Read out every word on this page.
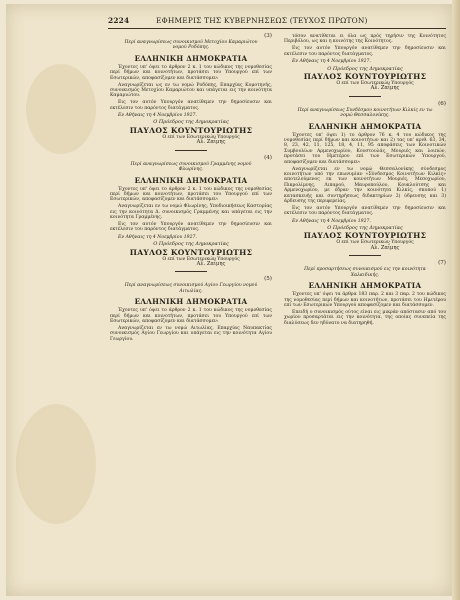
2224	ΕΦΗΜΕΡΙΣ ΤΗΣ ΚΥΒΕΡΝΗΣΕΩΣ (ΤΕΥΧΟΣ ΠΡΩΤΟΝ)
(3)
Περί αναγνωρίσεως συνοικισμού Μετοχίου Καμαριώτου νομού Ροδόπης.
ΕΛΛΗΝΙΚΗ ΔΗΜΟΚΡΑΤΙΑ

Έχοντες υπ' όψει το άρθρον 2 κ. 1 του κώδικος της νομοθεσίας περί δήμων και κοινοτήτων, προτάσει του Υπουργού επί των Εσωτερικών, αποφασίζομεν και διατάσσομεν:

Αναγνωρίζεται ως εν τω νομώ Ροδόπης, Επαρχίας Κομοτηνής, συνοικισμός Μετοχίου Καμαριώτου και υπάγεται εις την κοινότητα Καμαριώτου.

Εις τον αυτόν Υπουργόν ανατίθεμεν την δημοσίευσιν και εκτέλεσιν του παρόντος διατάγματος.

Εν Αθήναις τη 4 Νοεμβρίου 1927.
Ο Πρόεδρος της Δημοκρατίας
ΠΑΥΛΟΣ ΚΟΥΝΤΟΥΡΙΩΤΗΣ
Ο επί των Εσωτερικών Υπουργός
Αλ. Ζαΐμης
(4)
Περί αναγνωρίσεως συνοικισμού Γραμμένης νομού Φλωρίνης.
ΕΛΛΗΝΙΚΗ ΔΗΜΟΚΡΑΤΙΑ

Έχοντες υπ' όψει το άρθρον 2 κ. 1 του κώδικος της νομοθεσίας περί δήμων και κοινοτήτων, προτάσει του Υπουργού επί των Εσωτερικών, αποφασίζομεν και διατάσσομεν:

Αναγνωρίζεται εν τω νομώ Φλωρίνης, Υποδιοικήσεως Καστορίας εις την κοινότητα Δ. συνοικισμός Γραμμένης και υπάγεται εις την κοινότητα Γραμμένης.

Εις τον αυτόν Υπουργόν ανατίθεμεν την δημοσίευσιν και εκτέλεσιν του παρόντος διατάγματος.

Εν Αθήναις τη 4 Νοεμβρίου 1927.
Ο Πρόεδρος της Δημοκρατίας
ΠΑΥΛΟΣ ΚΟΥΝΤΟΥΡΙΩΤΗΣ
Ο επί των Εσωτερικών Υπουργός
Αλ. Ζαΐμης
(5)
Περί αναγνωρίσεως συνοικισμού Αγίου Γεωργίου νομού Αιτωλίας.
ΕΛΛΗΝΙΚΗ ΔΗΜΟΚΡΑΤΙΑ

Έχοντες υπ' όψει το άρθρον 2 κ. 1 του κώδικος της νομοθεσίας περί δήμων και κοινοτήτων, προτάσει του Υπουργού επί των Εσωτερικών, αποφασίζομεν και διατάσσομεν:

Αναγνωρίζεται εν τω νομώ Αιτωλίας, Επαρχίας Ναυπακτίας συνοικισμός Αγίου Γεωργίου και υπάγεται εις την κοινότητα Αγίου Γεωργίου.

τόσον ανατίθεται ει όλα ως πρός τηρήσιν της Κοινότητος Περιβόλου, ως και η κοινότης της Κοινότητος.

Εις τον αυτόν Υπουργόν ανατίθεμεν την δημοσίευσιν και εκτέλεσιν του παρόντος διατάγματος.

Εν Αθήναις τη 4 Νοεμβρίου 1927.
Ο Πρόεδρος της Δημοκρατίας
ΠΑΥΛΟΣ ΚΟΥΝΤΟΥΡΙΩΤΗΣ
Ο επί των Εσωτερικών Υπουργός
Αλ. Ζαΐμης
(6)
Περί αναγνωρίσεως Συνδέσμου κοινοτήτων Κιλκίς εν τω νομώ Θεσσαλονίκης.
ΕΛΛΗΝΙΚΗ ΔΗΜΟΚΡΑΤΙΑ

Έχοντες υπ' όψει 1) το άρθρον 76 κ. 4 του κώδικος της νομοθεσίας περί δήμων και κοινοτήτων και 2) τας υπ' αριθ. 63, 34, 8, 23, 42, 11, 125, 18, 4, 11, 95 αποφάσεις των Κοινοτικών Συμβουλίων Αρμενοχωρίου, Κουστουλάς, Μουριές και λοιπών, προτάσει του Ημετέρου επί των Εσωτερικών Υπουργού, αποφασίζομεν και διατάσσομεν:

Αναγνωρίζεται εν τω νομώ Θεσσαλονίκης σύνδεσμος κοινοτήτων υπό την επωνυμίαν «Σύνδεσμος Κοινοτήτων Κιλκίς» αποτελούμενος εκ των κοινοτήτων Μουριές, Μεσοχωρίου, Πικρολίμνης, Λιπαρού, Μαυροπούλου, Κουκλούτσης και Αρμενοχωρίου, με έδραν την κοινότητα Κιλκίς, σκοπού 1) κατασκευής και συντηρήσεως διδακτηρίων 2) ύδρευσης και 3) άρδευσης της περιφερείας.

Εις τον αυτόν Υπουργόν ανατίθεμεν την δημοσίευσιν και εκτέλεσιν του παρόντος διατάγματος.

Εν Αθήναις τη 4 Νοεμβρίου 1927.
Ο Πρόεδρος της Δημοκρατίας
ΠΑΥΛΟΣ ΚΟΥΝΤΟΥΡΙΩΤΗΣ
Ο επί των Εσωτερικών Υπουργός
Αλ. Ζαΐμης
(7)
Περί προσαρτήσεως συνοικισμού εις την κοινότητα Χαλκιδικής.
ΕΛΛΗΝΙΚΗ ΔΗΜΟΚΡΑΤΙΑ

Έχοντες υπ' όψει τα άρθρα 183 παρ. 2 και 3 παρ. 2 του κώδικος της νομοθεσίας περί δήμων και κοινοτήτων, προτάσει του Ημετέρου επί των Εσωτερικών Υπουργού αποφασίζομεν και διατάσσομεν.

Επειδή ο συνοικισμός ούτος είναι εις μικράν απόστασιν από του χωρίου προσαρτάται εις την κοινότητα, της οποίας συνεπεία της διαλύσεως δεν ηδύνατο να διατηρηθή.
